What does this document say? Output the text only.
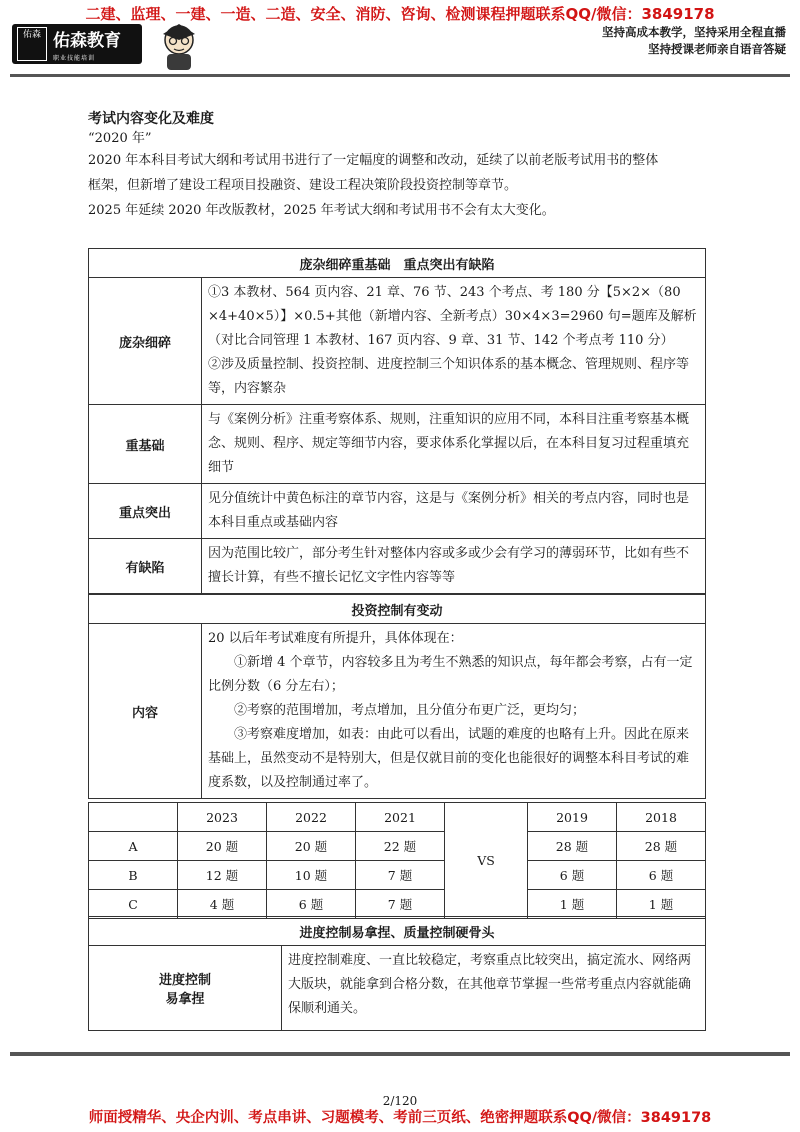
二建、监理、一建、一造、二造、安全、消防、咨询、检测课程押题联系QQ/微信：3849178
佑森 佑森教育
职业技能培训
坚持高成本教学，坚持采用全程直播
坚持授课老师亲自语音答疑
考试内容变化及难度
“2020 年”
2020 年本科目考试大纲和考试用书进行了一定幅度的调整和改动，延续了以前老版考试用书的整体
框架，但新增了建设工程项目投融资、建设工程决策阶段投资控制等章节。
2025 年延续 2020 年改版教材，2025 年考试大纲和考试用书不会有太大变化。
庞杂细碎重基础　重点突出有缺陷	
庞杂细碎	①3 本教材、564 页内容、21 章、76 节、243 个考点、考 180 分【5×2×（80 ×4+40×5）】×0.5+其他（新增内容、全新考点）30×4×3=2960 句=题库及解析（对比合同管理 1 本教材、167 页内容、9 章、31 节、142 个考点考 110 分）

②涉及质量控制、投资控制、进度控制三个知识体系的基本概念、管理规则、程序等等，内容繁杂

重基础	与《案例分析》注重考察体系、规则，注重知识的应用不同，本科目注重考察基本概念、规则、程序、规定等细节内容，要求体系化掌握以后，在本科目复习过程重填充细节
重点突出	见分值统计中黄色标注的章节内容，这是与《案例分析》相关的考点内容，同时也是本科目重点或基础内容
有缺陷	因为范围比较广，部分考生针对整体内容或多或少会有学习的薄弱环节，比如有些不擅长计算，有些不擅长记忆文字性内容等等
投资控制有变动
内容	

20 以后年考试难度有所提升，具体体现在：

①新增 4 个章节，内容较多且为考生不熟悉的知识点，每年都会考察，占有一定比例分数（6 分左右）；

②考察的范围增加，考点增加，且分值分布更广泛，更均匀；

③考察难度增加，如表：由此可以看出，试题的难度的也略有上升。因此在原来基础上，虽然变动不是特别大，但是仅就目前的变化也能很好的调整本科目考试的难度系数，以及控制通过率了。

	2023	2022	2021	VS	2019	2018
A	20 题	20 题	22 题		28 题	28 题
B	12 题	10 题	7 题		6 题	6 题
C	4 题	6 题	7 题		1 题	1 题
进度控制易拿捏、质量控制硬骨头

进度控制
易拿捏
	进度控制难度、一直比较稳定，考察重点比较突出，搞定流水、网络两大版块，就能拿到合格分数，在其他章节掌握一些常考重点内容就能确保顺利通关。
2/120
师面授精华、央企内训、考点串讲、习题模考、考前三页纸、绝密押题联系QQ/微信：3849178
